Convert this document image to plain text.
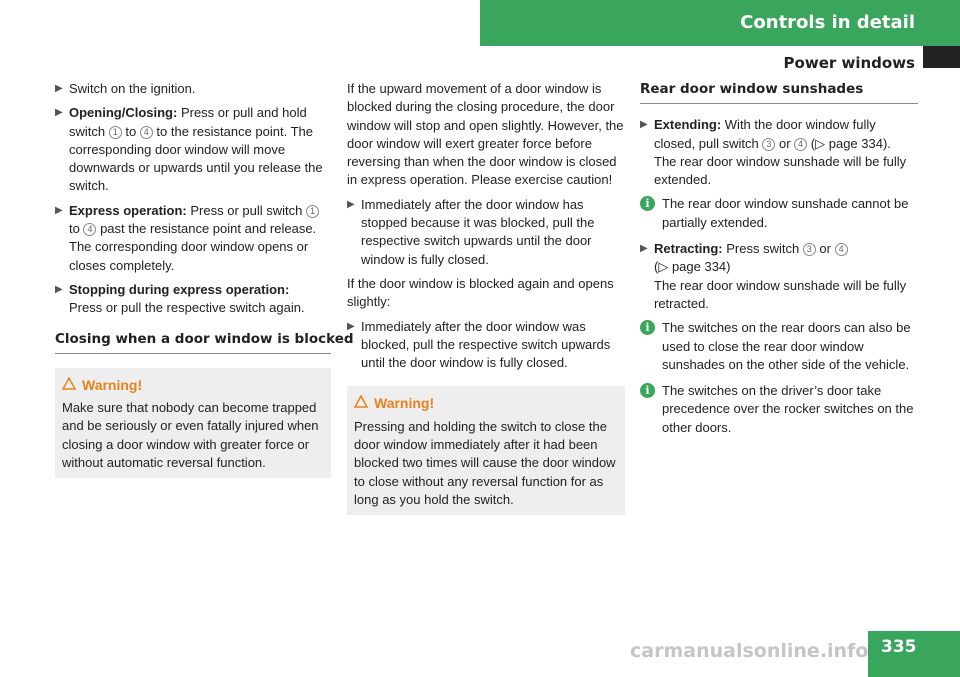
Controls in detail
Power windows
▶ Switch on the ignition.
▶ Opening/Closing: Press or pull and hold switch 1 to 4 to the resistance point. The corresponding door window will move downwards or upwards until you release the switch.
▶ Express operation: Press or pull switch 1 to 4 past the resistance point and release.
The corresponding door window opens or closes completely.
▶ Stopping during express operation:
Press or pull the respective switch again.
Closing when a door window is blocked
Warning!
Make sure that nobody can become trapped and be seriously or even fatally injured when closing a door window with greater force or without automatic reversal function.

If the upward movement of a door window is blocked during the closing procedure, the door window will stop and open slightly. However, the door window will exert greater force before reversing than when the door window is closed in express operation. Please exercise caution!

▶ Immediately after the door window has stopped because it was blocked, pull the respective switch upwards until the door window is fully closed.

If the door window is blocked again and opens slightly:

▶ Immediately after the door window was blocked, pull the respective switch upwards until the door window is fully closed.
Warning!
Pressing and holding the switch to close the door window immediately after it had been blocked two times will cause the door window to close without any reversal function for as long as you hold the switch.
Rear door window sunshades
▶ Extending: With the door window fully closed, pull switch 3 or 4 (▷ page 334).
The rear door window sunshade will be fully extended.
i The rear door window sunshade cannot be partially extended.
▶ Retracting: Press switch 3 or 4
(▷ page 334)
The rear door window sunshade will be fully retracted.
i The switches on the rear doors can also be used to close the rear door window sunshades on the other side of the vehicle.
i The switches on the driver’s door take precedence over the rocker switches on the other doors.
carmanualsonline.info 335
